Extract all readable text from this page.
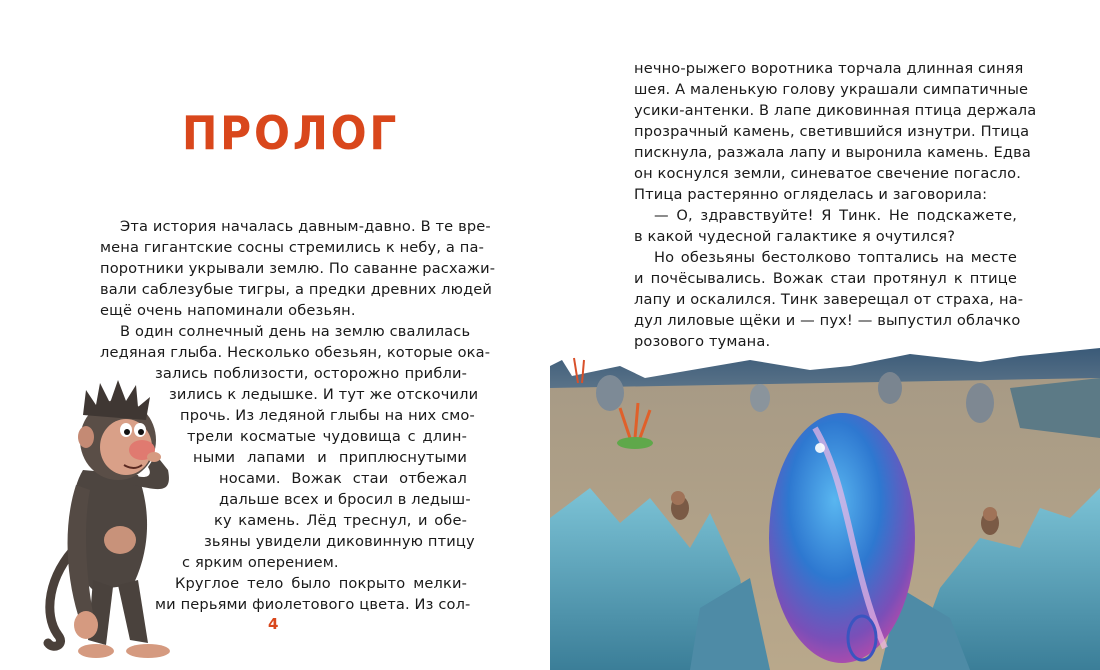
ПРОЛОГ
Эта история началась давным-давно. В те вре-
мена гигантские сосны стремились к небу, а па-
поротники укрывали землю. По саванне расхажи-
вали саблезубые тигры, а предки древних людей
ещё очень напоминали обезьян.
В один солнечный день на землю свалилась
ледяная глыба. Несколько обезьян, которые ока-
зались поблизости, осторожно прибли-
зились к ледышке. И тут же отскочили
прочь. Из ледяной глыбы на них смо-
трели косматые чудовища с длин-
ными лапами и приплюснутыми
носами. Вожак стаи отбежал
дальше всех и бросил в ледыш-
ку камень. Лёд треснул, и обе-
зьяны увидели диковинную птицу
с ярким оперением.
Круглое тело было покрыто мелки-
ми перьями фиолетового цвета. Из сол-
4
нечно-рыжего воротника торчала длинная синяя
шея. А маленькую голову украшали симпатичные
усики-антенки. В лапе диковинная птица держала
прозрачный камень, светившийся изнутри. Птица
пискнула, разжала лапу и выронила камень. Едва
он коснулся земли, синеватое свечение погасло.
Птица растерянно огляделась и заговорила:
— О, здравствуйте! Я Тинк. Не подскажете,
в какой чудесной галактике я очутился?
Но обезьяны бестолково топтались на месте
и почёсывались. Вожак стаи протянул к птице
лапу и оскалился. Тинк заверещал от страха, на-
дул лиловые щёки и — пух! — выпустил облачко
розового тумана.
